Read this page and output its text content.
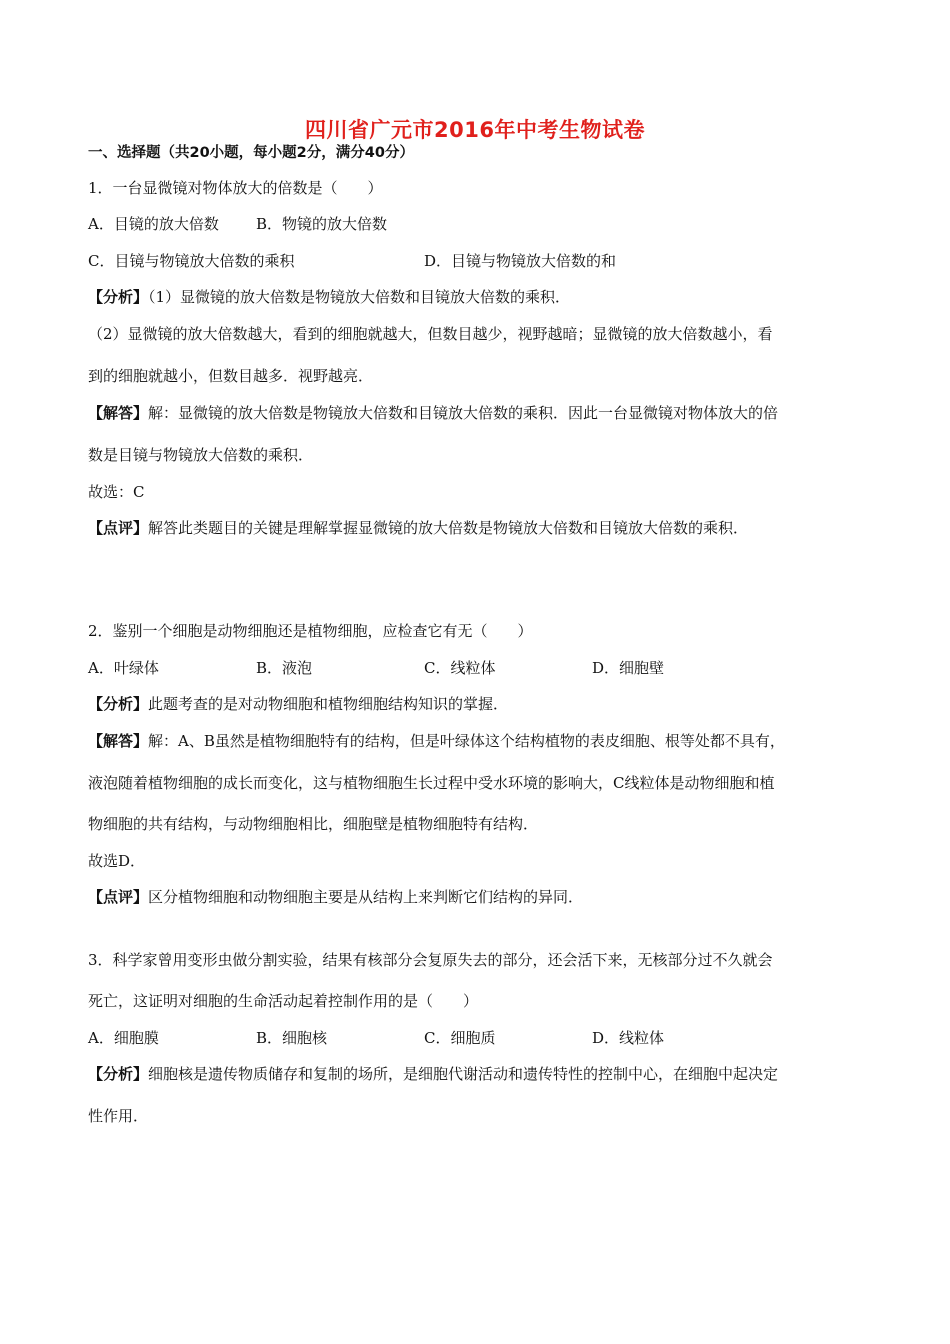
四川省广元市2016年中考生物试卷
一、选择题（共20小题，每小题2分，满分40分）
1．一台显微镜对物体放大的倍数是（　　）
A．目镜的放大倍数 B．物镜的放大倍数
C．目镜与物镜放大倍数的乘积	D．目镜与物镜放大倍数的和
【分析】（1）显微镜的放大倍数是物镜放大倍数和目镜放大倍数的乘积．
（2）显微镜的放大倍数越大，看到的细胞就越大，但数目越少，视野越暗；显微镜的放大倍数越小，看
到的细胞就越小，但数目越多．视野越亮．
【解答】解：显微镜的放大倍数是物镜放大倍数和目镜放大倍数的乘积．因此一台显微镜对物体放大的倍
数是目镜与物镜放大倍数的乘积．
故选：C
【点评】解答此类题目的关键是理解掌握显微镜的放大倍数是物镜放大倍数和目镜放大倍数的乘积．
2．鉴别一个细胞是动物细胞还是植物细胞，应检查它有无（　　）
A．叶绿体	B．液泡	C．线粒体	D．细胞壁
【分析】此题考查的是对动物细胞和植物细胞结构知识的掌握．
【解答】解：A、B虽然是植物细胞特有的结构，但是叶绿体这个结构植物的表皮细胞、根等处都不具有，
液泡随着植物细胞的成长而变化，这与植物细胞生长过程中受水环境的影响大，C线粒体是动物细胞和植
物细胞的共有结构，与动物细胞相比，细胞壁是植物细胞特有结构．
故选D．
【点评】区分植物细胞和动物细胞主要是从结构上来判断它们结构的异同．
3．科学家曾用变形虫做分割实验，结果有核部分会复原失去的部分，还会活下来，无核部分过不久就会
死亡，这证明对细胞的生命活动起着控制作用的是（　　）
A．细胞膜	B．细胞核	C．细胞质	D．线粒体
【分析】细胞核是遗传物质储存和复制的场所，是细胞代谢活动和遗传特性的控制中心，在细胞中起决定
性作用．
